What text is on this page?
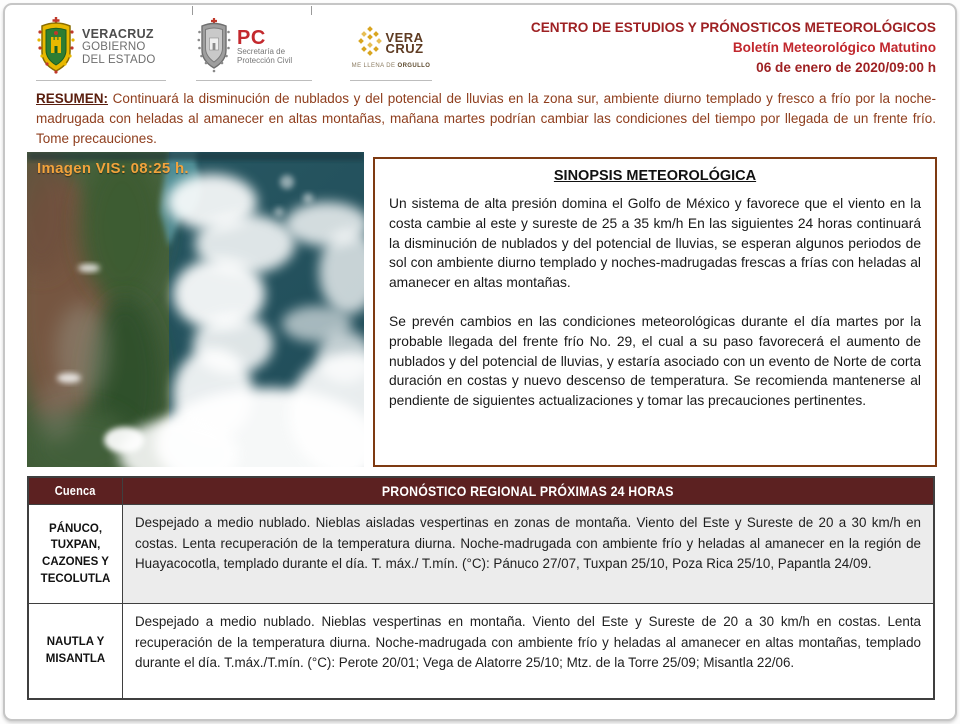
VERACRUZ
GOBIERNO
DEL ESTADO
PC
Secretaría de
Protección Civil
VERA
CRUZ
ME LLENA DE ORGULLO
CENTRO DE ESTUDIOS Y PRÓNOSTICOS METEOROLÓGICOS
Boletín Meteorológico Matutino
06 de enero de 2020/09:00 h
RESUMEN: Continuará la disminución de nublados y del potencial de lluvias en la zona sur, ambiente diurno templado y fresco a frío por la noche-madrugada con heladas al amanecer en altas montañas, mañana martes podrían cambiar las condiciones del tiempo por llegada de un frente frío. Tome precauciones.
Imagen VIS: 08:25 h.	SINOPSIS METEOROLÓGICA

Un sistema de alta presión domina el Golfo de México y favorece que el viento en la costa cambie al este y sureste de 25 a 35 km/h En las siguientes 24 horas continuará la disminución de nublados y del potencial de lluvias, se esperan algunos periodos de sol con ambiente diurno templado y noches-madrugadas frescas a frías con heladas al amanecer en altas montañas.

Se prevén cambios en las condiciones meteorológicas durante el día martes por la probable llegada del frente frío No. 29, el cual a su paso favorecerá el aumento de nublados y del potencial de lluvias, y estaría asociado con un evento de Norte de corta duración en costas y nuevo descenso de temperatura. Se recomienda mantenerse al pendiente de siguientes actualizaciones y tomar las precauciones pertinentes.

Cuenca	PRONÓSTICO REGIONAL PRÓXIMAS 24 HORAS
PÁNUCO, TUXPAN, CAZONES Y TECOLUTLA
Despejado a medio nublado. Nieblas aisladas vespertinas en zonas de montaña. Viento del Este y Sureste de 20 a 30 km/h en costas. Lenta recuperación de la temperatura diurna. Noche-madrugada con ambiente frío y heladas al amanecer en la región de Huayacocotla, templado durante el día. T. máx./ T.mín. (°C): Pánuco 27/07, Tuxpan 25/10, Poza Rica 25/10, Papantla 24/09.
NAUTLA Y MISANTLA
Despejado a medio nublado. Nieblas vespertinas en montaña. Viento del Este y Sureste de 20 a 30 km/h en costas. Lenta recuperación de la temperatura diurna. Noche-madrugada con ambiente frío y heladas al amanecer en altas montañas, templado durante el día. T.máx./T.mín. (°C): Perote 20/01; Vega de Alatorre 25/10; Mtz. de la Torre 25/09; Misantla 22/06.
